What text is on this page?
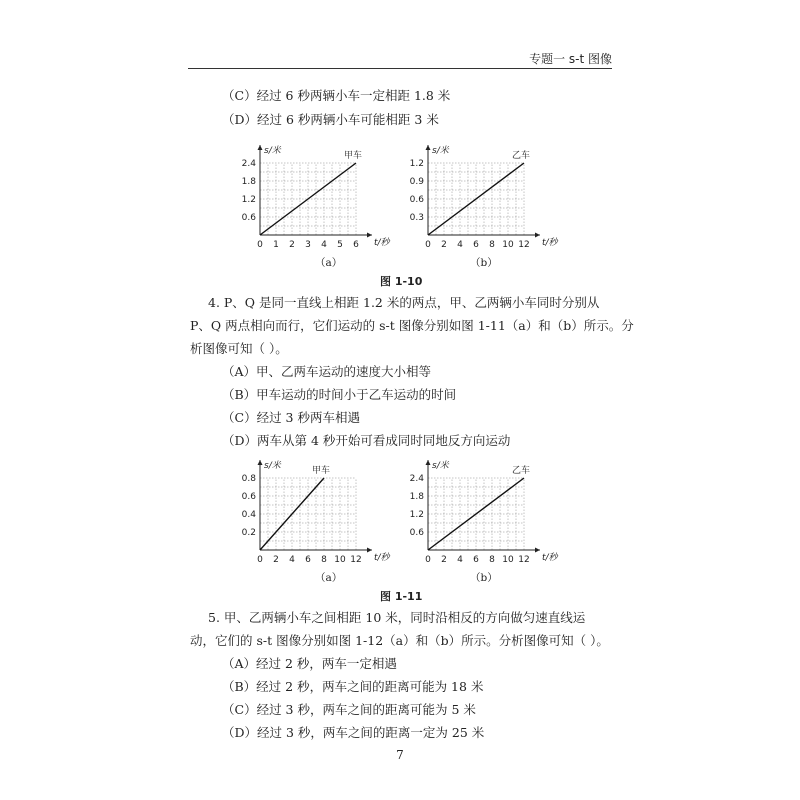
专题一 s-t 图像
（C）经过 6 秒两辆小车一定相距 1.8 米
（D）经过 6 秒两辆小车可能相距 3 米
0 1 2 3 4 5 6
0.6
1.2
1.8
2.4
s/米
t/秒
甲车
0 2 4 6 8 10 12
0.3
0.6
0.9
1.2
s/米
t/秒
乙车
（a）	（b）
图 1-10
4. P、Q 是同一直线上相距 1.2 米的两点，甲、乙两辆小车同时分别从
P、Q 两点相向而行，它们运动的 s-t 图像分别如图 1-11（a）和（b）所示。分
析图像可知（ ）。
（A）甲、乙两车运动的速度大小相等
（B）甲车运动的时间小于乙车运动的时间
（C）经过 3 秒两车相遇
（D）两车从第 4 秒开始可看成同时同地反方向运动
0 2 4 6 8 10 12
0.2
0.4
0.6
0.8
s/米
t/秒
甲车
0 2 4 6 8 10 12
0.6
1.2
1.8
2.4
s/米
t/秒
乙车
（a）	（b）
图 1-11
5. 甲、乙两辆小车之间相距 10 米，同时沿相反的方向做匀速直线运
动，它们的 s-t 图像分别如图 1-12（a）和（b）所示。分析图像可知（ ）。
（A）经过 2 秒，两车一定相遇
（B）经过 2 秒，两车之间的距离可能为 18 米
（C）经过 3 秒，两车之间的距离可能为 5 米
（D）经过 3 秒，两车之间的距离一定为 25 米
7
